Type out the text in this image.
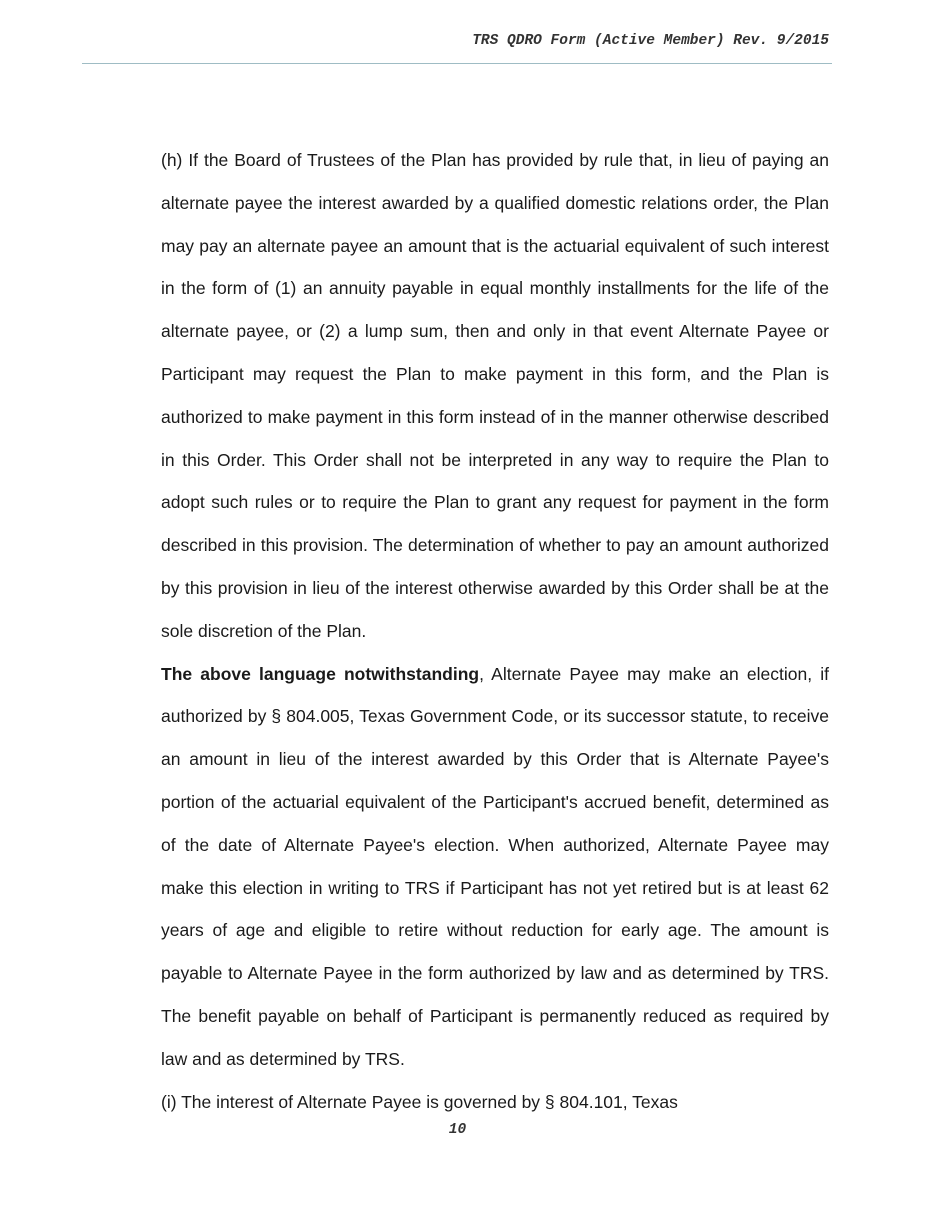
TRS QDRO Form (Active Member) Rev. 9/2015

(h) If the Board of Trustees of the Plan has provided by rule that, in lieu of paying an alternate payee the interest awarded by a qualified domestic relations order, the Plan may pay an alternate payee an amount that is the actuarial equivalent of such interest in the form of (1) an annuity payable in equal monthly installments for the life of the alternate payee, or (2) a lump sum, then and only in that event Alternate Payee or Participant may request the Plan to make payment in this form, and the Plan is authorized to make payment in this form instead of in the manner otherwise described in this Order. This Order shall not be interpreted in any way to require the Plan to adopt such rules or to require the Plan to grant any request for payment in the form described in this provision. The determination of whether to pay an amount authorized by this provision in lieu of the interest otherwise awarded by this Order shall be at the sole discretion of the Plan.

The above language notwithstanding, Alternate Payee may make an election, if authorized by § 804.005, Texas Government Code, or its successor statute, to receive an amount in lieu of the interest awarded by this Order that is Alternate Payee's portion of the actuarial equivalent of the Participant's accrued benefit, determined as of the date of Alternate Payee's election. When authorized, Alternate Payee may make this election in writing to TRS if Participant has not yet retired but is at least 62 years of age and eligible to retire without reduction for early age. The amount is payable to Alternate Payee in the form authorized by law and as determined by TRS. The benefit payable on behalf of Participant is permanently reduced as required by law and as determined by TRS.

(i) The interest of Alternate Payee is governed by § 804.101, Texas

10
